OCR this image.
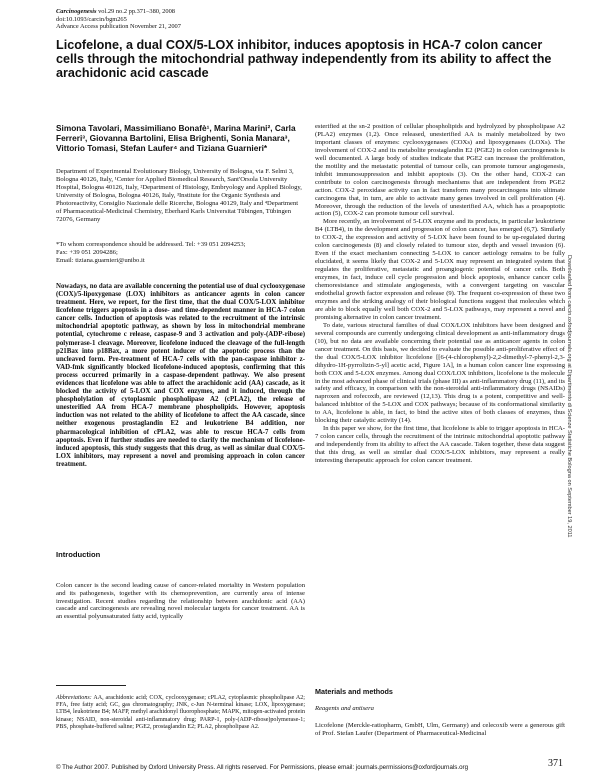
Carcinogenesis vol.29 no.2 pp.371–380, 2008
doi:10.1093/carcin/bgm265
Advance Access publication November 21, 2007
Licofelone, a dual COX/5-LOX inhibitor, induces apoptosis in HCA-7 colon cancer cells through the mitochondrial pathway independently from its ability to affect the arachidonic acid cascade
Simona Tavolari, Massimiliano Bonafè¹, Marina Marini², Carla Ferreri³, Giovanna Bartolini, Elisa Brighenti, Sonia Manara³, Vittorio Tomasi, Stefan Laufer⁴ and Tiziana Guarnieri*
Department of Experimental Evolutionary Biology, University of Bologna, via F. Selmi 3, Bologna 40126, Italy, ¹Center for Applied Biomedical Research, Sant'Orsola University Hospital, Bologna 40126, Italy, ²Department of Histology, Embryology and Applied Biology, University of Bologna, Bologna 40126, Italy, ³Institute for the Organic Synthesis and Photoreactivity, Consiglio Nazionale delle Ricerche, Bologna 40129, Italy and ⁴Department of Pharmaceutical-Medicinal Chemistry, Eberhard Karls Universitat Tübingen, Tübingen 72076, Germany
*To whom correspondence should be addressed. Tel: +39 051 2094253;
Fax: +39 051 2094286;
Email: tiziana.guarnieri@unibo.it

Nowadays, no data are available concerning the potential use of dual cyclooxygenase (COX)/5-lipoxygenase (LOX) inhibitors as anticancer agents in colon cancer treatment. Here, we report, for the first time, that the dual COX/5-LOX inhibitor licofelone triggers apoptosis in a dose- and time-dependent manner in HCA-7 colon cancer cells. Induction of apoptosis was related to the recruitment of the intrinsic mitochondrial apoptotic pathway, as shown by loss in mitochondrial membrane potential, cytochrome c release, caspase-9 and 3 activation and poly-(ADP-ribose) polymerase-1 cleavage. Moreover, licofelone induced the cleavage of the full-length p21Bax into p18Bax, a more potent inducer of the apoptotic process than the uncleaved form. Pre-treatment of HCA-7 cells with the pan-caspase inhibitor z-VAD-fmk significantly blocked licofelone-induced apoptosis, confirming that this process occurred primarily in a caspase-dependent pathway. We also present evidences that licofelone was able to affect the arachidonic acid (AA) cascade, as it blocked the activity of 5-LOX and COX enzymes, and it induced, through the phospholylation of cytoplasmic phospholipase A2 (cPLA2), the release of unesterified AA from HCA-7 membrane phospholipids. However, apoptosis induction was not related to the ability of licofelone to affect the AA cascade, since neither exogenous prostaglandin E2 and leukotriene B4 addition, nor pharmacological inhibition of cPLA2, was able to rescue HCA-7 cells from apoptosis. Even if further studies are needed to clarify the mechanism of licofelone-induced apoptosis, this study suggests that this drug, as well as similar dual COX/5-LOX inhibitors, may represent a novel and promising approach in colon cancer treatment.

Introduction

Colon cancer is the second leading cause of cancer-related mortality in Western population and its pathogenesis, together with its chemoprevention, are currently area of intense investigation. Recent studies regarding the relationship between arachidonic acid (AA) cascade and carcinogenesis are revealing novel molecular targets for cancer treatment. AA is an essential polyunsaturated fatty acid, typically

Abbreviations: AA, arachidonic acid; COX, cyclooxygenase; cPLA2, cytoplasmic phospholipase A2; FFA, free fatty acid; GC, gas chromatography; JNK, c-Jun N-terminal kinase; LOX, lipoxygenase; LTB4, leukotriene B4; MAFP, methyl arachidonyl fluorophosphate; MAPK, mitogen-activated protein kinase; NSAID, non-steroidal anti-inflammatory drug; PARP-1, poly-(ADP-ribose)polymerase-1; PBS, phosphate-buffered saline; PGE2, prostaglandin E2; PLA2, phospholipase A2.

esterified at the sn-2 position of cellular phospholipids and hydrolyzed by phospholipase A2 (PLA2) enzymes (1,2). Once released, unesterified AA is mainly metabolized by two important classes of enzymes: cyclooxygenases (COXs) and lipoxygenases (LOXs). The involvement of COX-2 and its metabolite prostaglandin E2 (PGE2) in colon carcinogenesis is well documented. A large body of studies indicate that PGE2 can increase the proliferation, the motility and the metastatic potential of tumour cells, can promote tumour angiogenesis, inhibit immunosuppression and inhibit apoptosis (3). On the other hand, COX-2 can contribute to colon carcinogenesis through mechanisms that are independent from PGE2 action. COX-2 peroxidase activity can in fact transform many procarcinogens into ultimate carcinogens that, in turn, are able to activate many genes involved in cell proliferation (4). Moreover, through the reduction of the levels of unesterified AA, which has a proapoptotic action (5), COX-2 can promote tumour cell survival.

More recently, an involvement of 5-LOX enzyme and its products, in particular leukotriene B4 (LTB4), in the development and progression of colon cancer, has emerged (6,7). Similarly to COX-2, the expression and activity of 5-LOX have been found to be up-regulated during colon carcinogenesis (8) and closely related to tumour size, depth and vessel invasion (6). Even if the exact mechanism connecting 5-LOX to cancer aetiology remains to be fully elucidated, it seems likely that COX-2 and 5-LOX may represent an integrated system that regulates the proliferative, metastatic and proangiogenic potential of cancer cells. Both enzymes, in fact, induce cell cycle progression and block apoptosis, enhance cancer cells chemoresistance and stimulate angiogenesis, with a convergent targeting on vascular endothelial growth factor expression and release (9). The frequent co-expression of these two enzymes and the striking analogy of their biological functions suggest that molecules which are able to block equally well both COX-2 and 5-LOX pathways, may represent a novel and promising alternative in colon cancer treatment.

To date, various structural families of dual COX/LOX inhibitors have been designed and several compounds are currently undergoing clinical development as anti-inflammatory drugs (10), but no data are available concerning their potential use as anticancer agents in colon cancer treatment. On this basis, we decided to evaluate the possible anti-proliferative effect of the dual COX/5-LOX inhibitor licofelone [[6-(4-chlorophenyl)-2,2-dimethyl-7-phenyl-2,3-dihydro-1H-pyrrolizin-5-yl] acetic acid, Figure 1A], in a human colon cancer line expressing both COX and 5-LOX enzymes. Among dual COX/LOX inhibitors, licofelone is the molecule in the most advanced phase of clinical trials (phase III) as anti-inflammatory drug (11), and its safety and efficacy, in comparison with the non-steroidal anti-inflammatory drugs (NSAIDs) naproxen and rofecoxib, are reviewed (12,13). This drug is a potent, competitive and well-balanced inhibitor of the 5-LOX and COX pathways; because of its conformational similarity to AA, licofelone is able, in fact, to bind the active sites of both classes of enzymes, thus blocking their catalytic activity (14).

In this paper we show, for the first time, that licofelone is able to trigger apoptosis in HCA-7 colon cancer cells, through the recruitment of the intrinsic mitochondrial apoptotic pathway and independently from its ability to affect the AA cascade. Taken together, these data suggest that this drug, as well as similar dual COX/5-LOX inhibitors, may represent a really interesting therapeutic approach for colon cancer treatment.

Materials and methods
Reagents and antisera

Licofelone (Merckle-ratiopharm, GmbH, Ulm, Germany) and celecoxib were a generous gift of Prof. Stefan Laufer (Department of Pharmaceutical-Medicinal

© The Author 2007. Published by Oxford University Press. All rights reserved. For Permissions, please email: journals.permissions@oxfordjournals.org	371
Downloaded from carcin.oxfordjournals.org at Dipartimento di Scienze Statistiche Bologna on September 19, 2011
